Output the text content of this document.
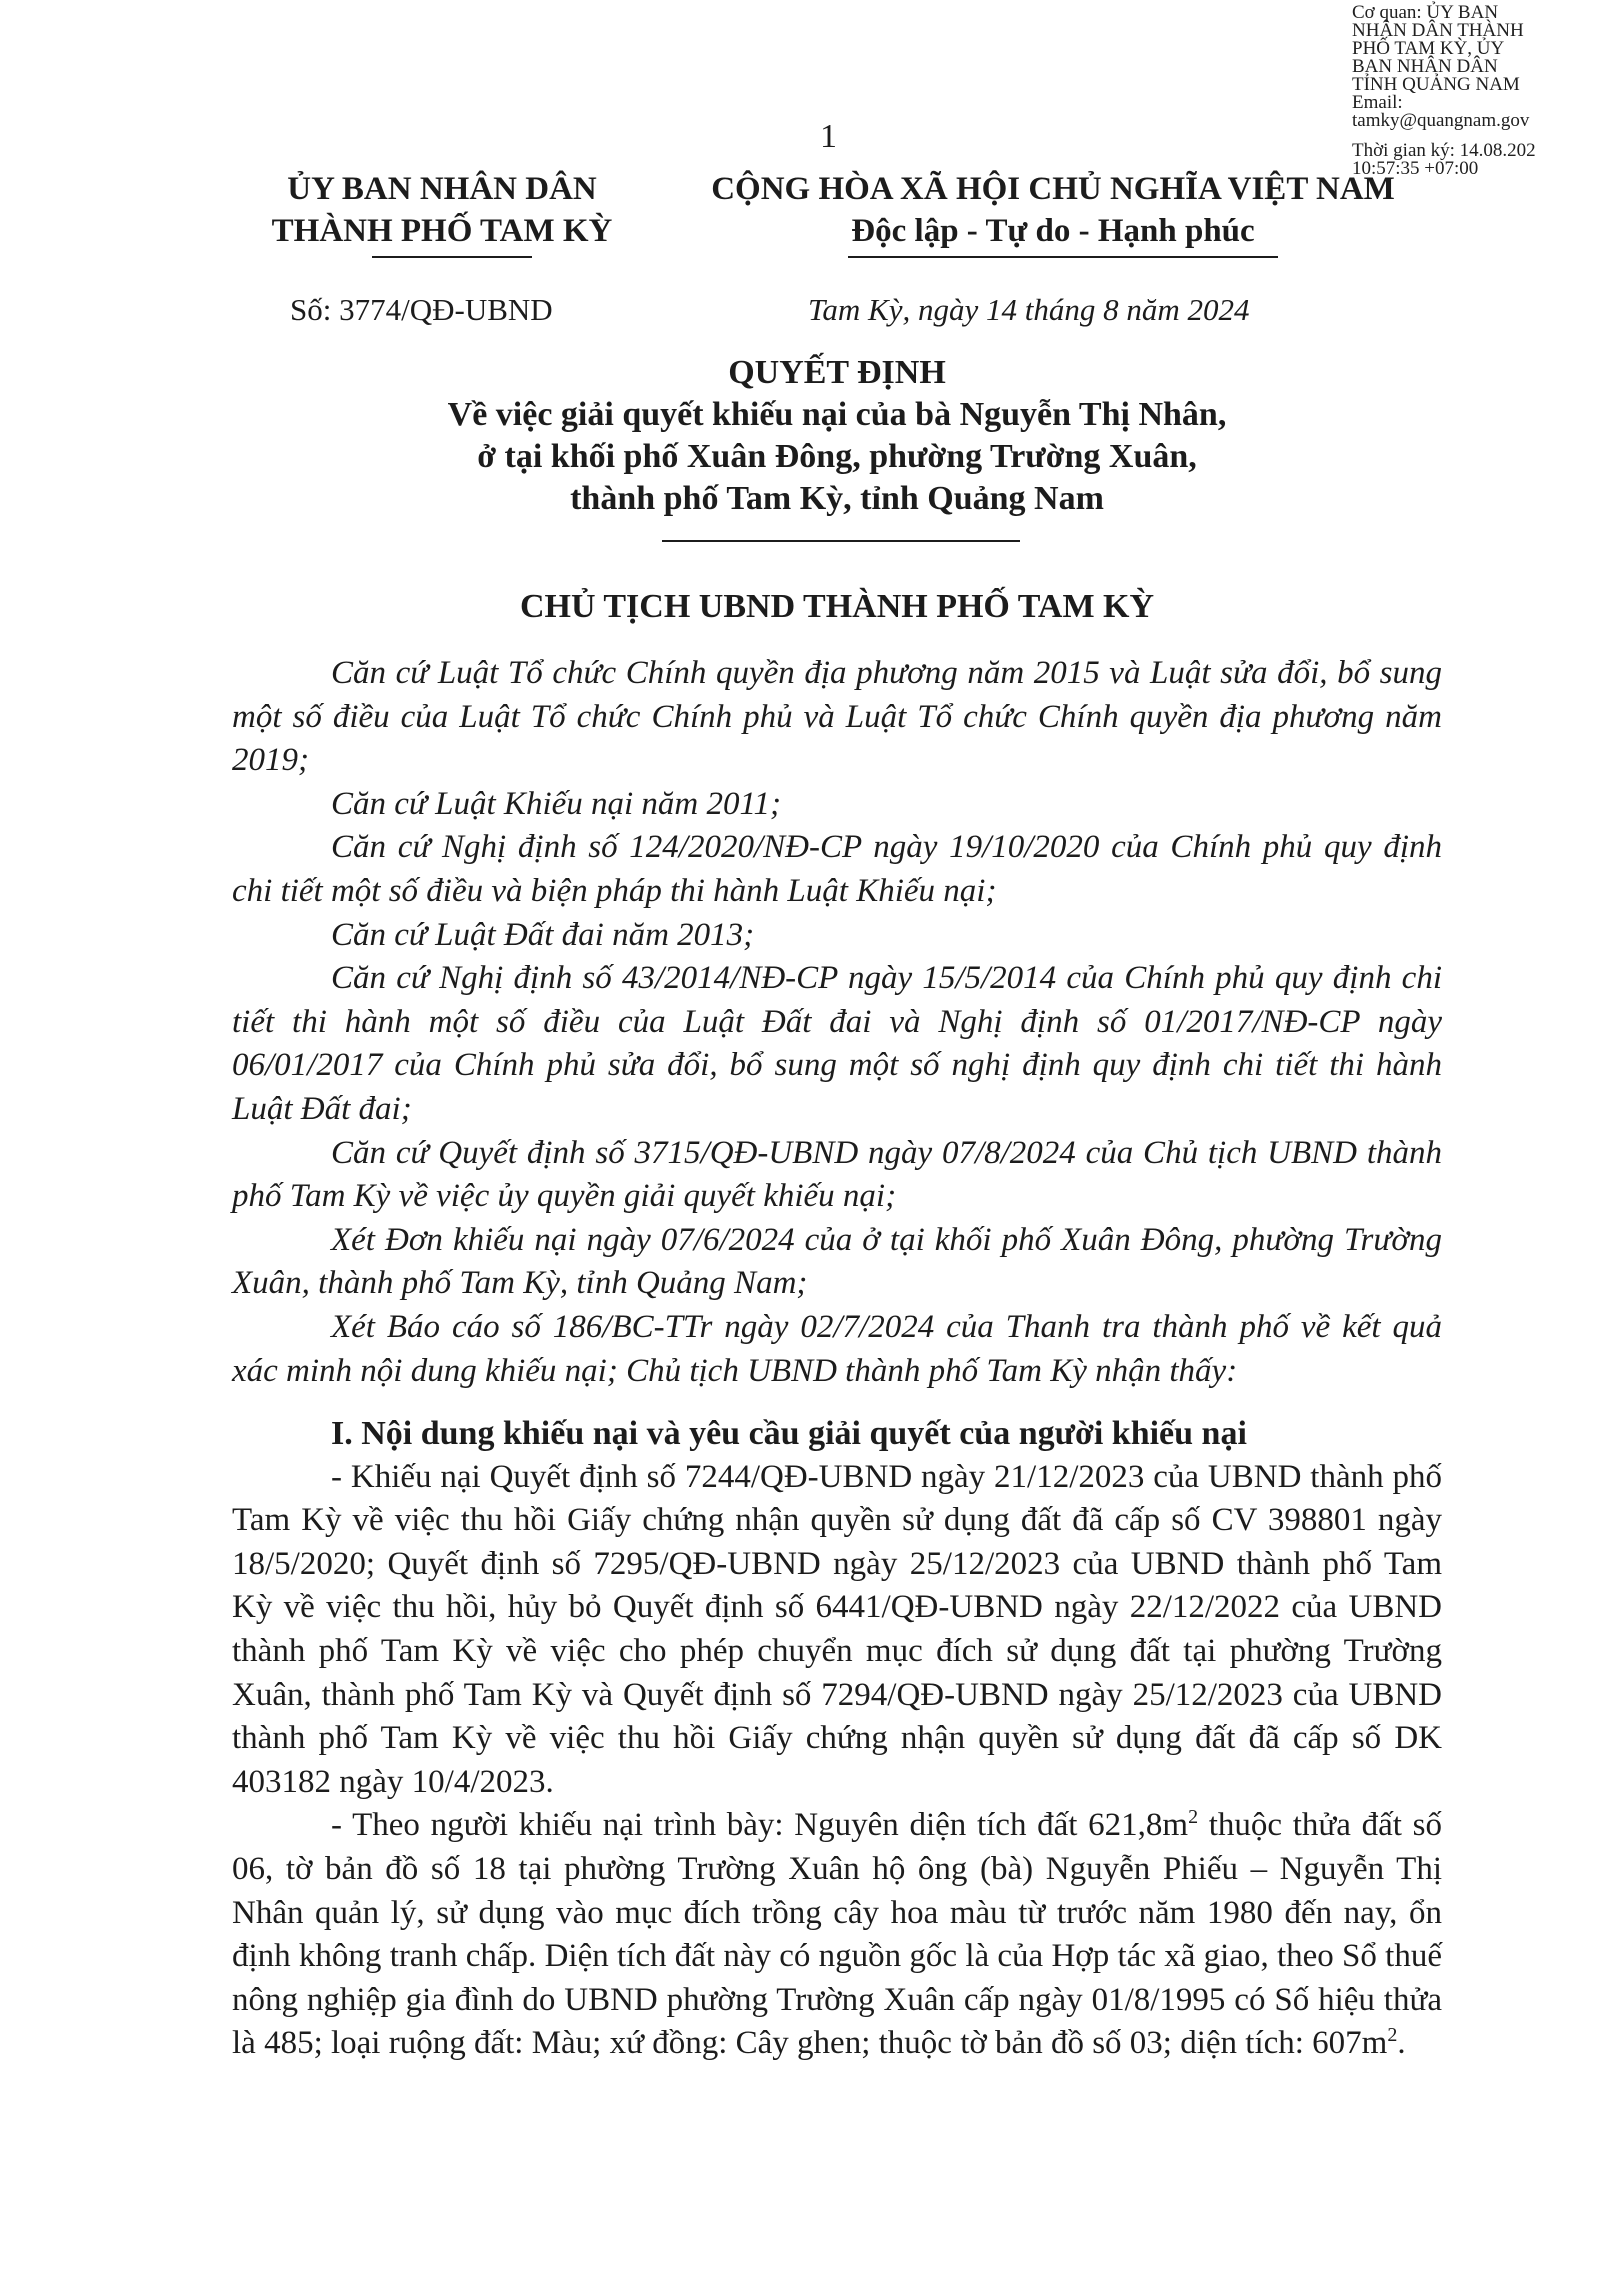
Cơ quan: ỦY BAN
NHÂN DÂN THÀNH
PHỐ TAM KỲ, ỦY
BAN NHÂN DÂN
TỈNH QUẢNG NAM
Email:
tamky@quangnam.gov
Thời gian ký: 14.08.202
10:57:35 +07:00
1
ỦY BAN NHÂN DÂN
THÀNH PHỐ TAM KỲ
CỘNG HÒA XÃ HỘI CHỦ NGHĨA VIỆT NAM
Độc lập - Tự do - Hạnh phúc
Số: 3774/QĐ-UBND	Tam Kỳ, ngày 14 tháng 8 năm 2024
QUYẾT ĐỊNH
Về việc giải quyết khiếu nại của bà Nguyễn Thị Nhân,
ở tại khối phố Xuân Đông, phường Trường Xuân,
thành phố Tam Kỳ, tỉnh Quảng Nam
CHỦ TỊCH UBND THÀNH PHỐ TAM KỲ

Căn cứ Luật Tổ chức Chính quyền địa phương năm 2015 và Luật sửa đổi, bổ sung một số điều của Luật Tổ chức Chính phủ và Luật Tổ chức Chính quyền địa phương năm 2019;

Căn cứ Luật Khiếu nại năm 2011;

Căn cứ Nghị định số 124/2020/NĐ-CP ngày 19/10/2020 của Chính phủ quy định chi tiết một số điều và biện pháp thi hành Luật Khiếu nại;

Căn cứ Luật Đất đai năm 2013;

Căn cứ Nghị định số 43/2014/NĐ-CP ngày 15/5/2014 của Chính phủ quy định chi tiết thi hành một số điều của Luật Đất đai và Nghị định số 01/2017/NĐ-CP ngày 06/01/2017 của Chính phủ sửa đổi, bổ sung một số nghị định quy định chi tiết thi hành Luật Đất đai;

Căn cứ Quyết định số 3715/QĐ-UBND ngày 07/8/2024 của Chủ tịch UBND thành phố Tam Kỳ về việc ủy quyền giải quyết khiếu nại;

Xét Đơn khiếu nại ngày 07/6/2024 của ở tại khối phố Xuân Đông, phường Trường Xuân, thành phố Tam Kỳ, tỉnh Quảng Nam;

Xét Báo cáo số 186/BC-TTr ngày 02/7/2024 của Thanh tra thành phố về kết quả xác minh nội dung khiếu nại; Chủ tịch UBND thành phố Tam Kỳ nhận thấy:

I. Nội dung khiếu nại và yêu cầu giải quyết của người khiếu nại

- Khiếu nại Quyết định số 7244/QĐ-UBND ngày 21/12/2023 của UBND thành phố Tam Kỳ về việc thu hồi Giấy chứng nhận quyền sử dụng đất đã cấp số CV 398801 ngày 18/5/2020; Quyết định số 7295/QĐ-UBND ngày 25/12/2023 của UBND thành phố Tam Kỳ về việc thu hồi, hủy bỏ Quyết định số 6441/QĐ-UBND ngày 22/12/2022 của UBND thành phố Tam Kỳ về việc cho phép chuyển mục đích sử dụng đất tại phường Trường Xuân, thành phố Tam Kỳ và Quyết định số 7294/QĐ-UBND ngày 25/12/2023 của UBND thành phố Tam Kỳ về việc thu hồi Giấy chứng nhận quyền sử dụng đất đã cấp số DK 403182 ngày 10/4/2023.

- Theo người khiếu nại trình bày: Nguyên diện tích đất $621,8m^2$ thuộc thửa đất số 06, tờ bản đồ số 18 tại phường Trường Xuân hộ ông (bà) Nguyễn Phiếu – Nguyễn Thị Nhân quản lý, sử dụng vào mục đích trồng cây hoa màu từ trước năm 1980 đến nay, ổn định không tranh chấp. Diện tích đất này có nguồn gốc là của Hợp tác xã giao, theo Sổ thuế nông nghiệp gia đình do UBND phường Trường Xuân cấp ngày 01/8/1995 có Số hiệu thửa là 485; loại ruộng đất: Màu; xứ đồng: Cây ghen; thuộc tờ bản đồ số 03; diện tích: $607m^2$.
